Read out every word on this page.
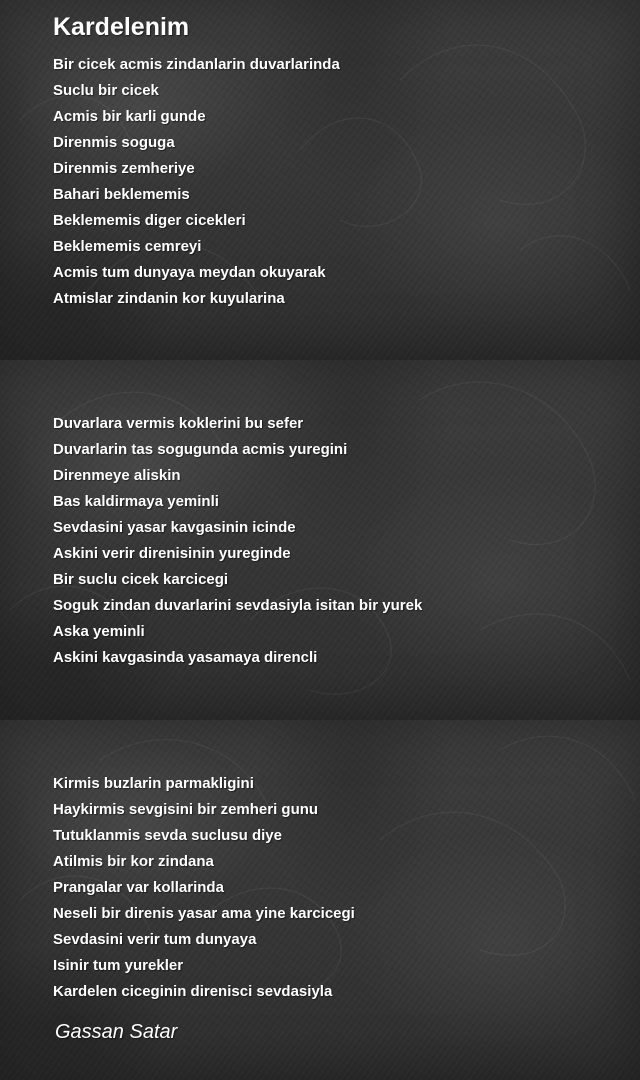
Kardelenim
Bir cicek acmis zindanlarin duvarlarinda
Suclu bir cicek
Acmis bir karli gunde
Direnmis soguga
Direnmis zemheriye
Bahari beklememis
Beklememis diger cicekleri
Beklememis cemreyi
Acmis tum dunyaya meydan okuyarak
Atmislar zindanin kor kuyularina
Duvarlara vermis koklerini bu sefer
Duvarlarin tas sogugunda acmis yuregini
Direnmeye aliskin
Bas kaldirmaya yeminli
Sevdasini yasar kavgasinin icinde
Askini verir direnisinin yureginde
Bir suclu cicek karcicegi
Soguk zindan duvarlarini sevdasiyla isitan bir yurek
Aska yeminli
Askini kavgasinda yasamaya direncli
Kirmis buzlarin parmakligini
Haykirmis sevgisini bir zemheri gunu
Tutuklanmis sevda suclusu diye
Atilmis bir kor zindana
Prangalar var kollarinda
Neseli bir direnis yasar ama yine karcicegi
Sevdasini verir tum dunyaya
Isinir tum yurekler
Kardelen ciceginin direnisci sevdasiyla
Gassan Satar
